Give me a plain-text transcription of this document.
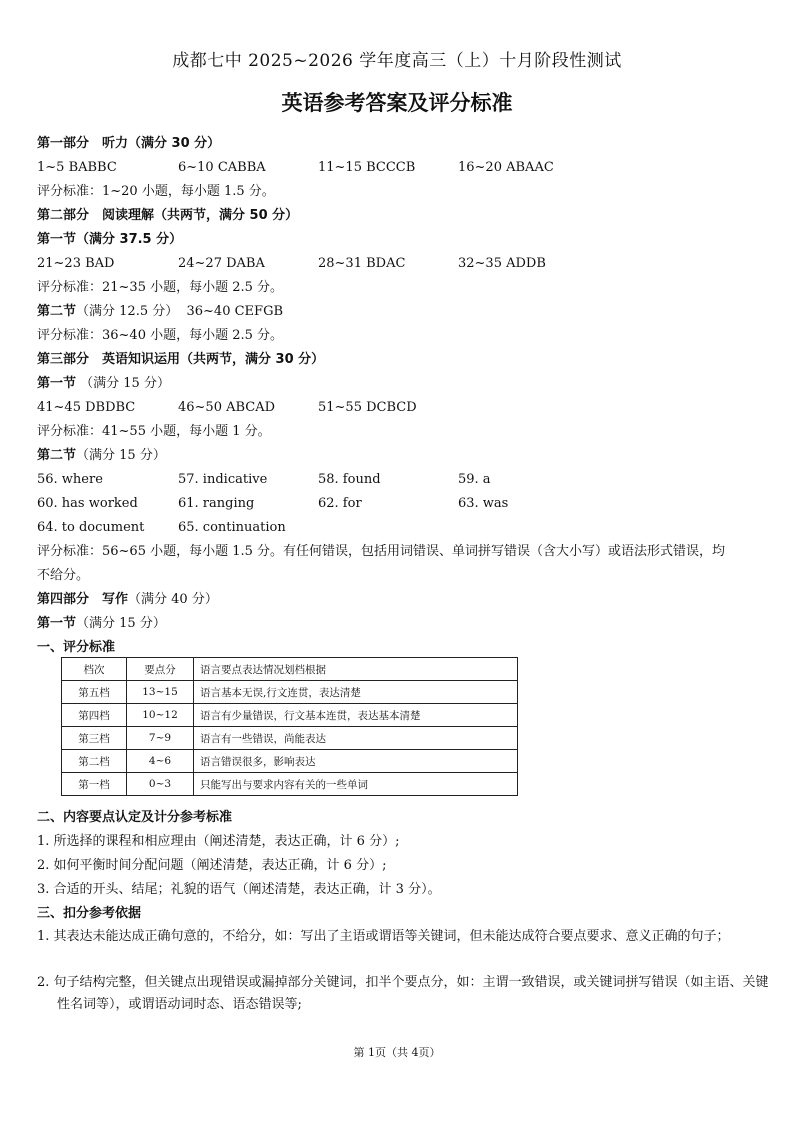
成都七中 2025~2026 学年度高三（上）十月阶段性测试
英语参考答案及评分标准
第一部分　听力（满分 30 分）
1~5 BABBC	6~10 CABBA	11~15 BCCCB	16~20 ABAAC
评分标准：1~20 小题，每小题 1.5 分。
第二部分　阅读理解（共两节，满分 50 分）
第一节（满分 37.5 分）
21~23 BAD	24~27 DABA	28~31 BDAC	32~35 ADDB
评分标准：21~35 小题，每小题 2.5 分。
第二节（满分 12.5 分） 36~40 CEFGB
评分标准：36~40 小题，每小题 2.5 分。
第三部分　英语知识运用（共两节，满分 30 分）
第一节 （满分 15 分）
41~45 DBDBC	46~50 ABCAD	51~55 DCBCD
评分标准：41~55 小题，每小题 1 分。
第二节（满分 15 分）
56. where	57. indicative	58. found	59. a
60. has worked	61. ranging	62. for	63. was
64. to document	65. continuation
评分标准：56~65 小题，每小题 1.5 分。有任何错误，包括用词错误、单词拼写错误（含大小写）或语法形式错误，均
不给分。
第四部分　写作（满分 40 分）
第一节（满分 15 分）
一、评分标准
档次	要点分	语言要点表达情况划档根据
第五档	13~15	语言基本无误,行文连贯，表达清楚
第四档	10~12	语言有少量错误，行文基本连贯，表达基本清楚
第三档	7~9	语言有一些错误，尚能表达
第二档	4~6	语言错误很多，影响表达
第一档	0~3	只能写出与要求内容有关的一些单词
二、内容要点认定及计分参考标准
1. 所选择的课程和相应理由（阐述清楚，表达正确，计 6 分）;
2. 如何平衡时间分配问题（阐述清楚，表达正确，计 6 分）;
3. 合适的开头、结尾；礼貌的语气（阐述清楚，表达正确，计 3 分）。
三、扣分参考依据
1. 其表达未能达成正确句意的，不给分，如：写出了主语或谓语等关键词，但未能达成符合要点要求、意义正确的句子；
2. 句子结构完整，但关键点出现错误或漏掉部分关键词，扣半个要点分，如：主谓一致错误，或关键词拼写错误（如主语、关键性名词等），或谓语动词时态、语态错误等;
第 1页（共 4页）
